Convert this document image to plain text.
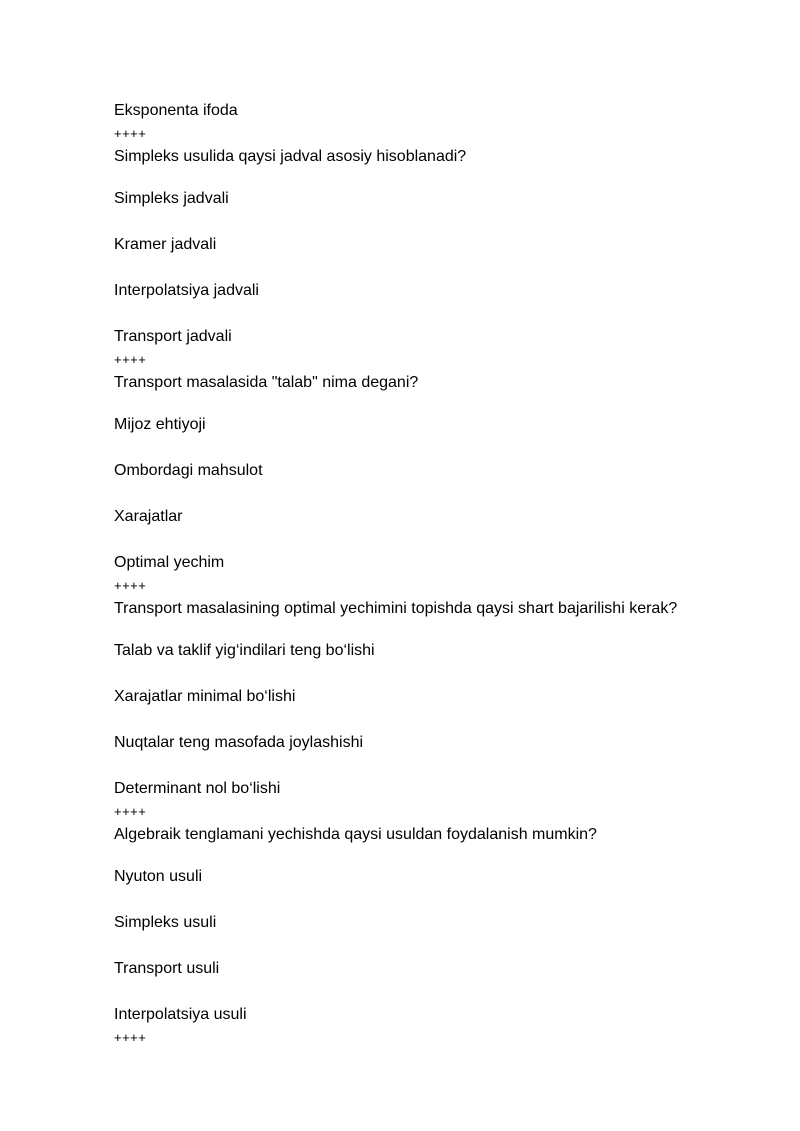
Eksponenta ifoda
++++
Simpleks usulida qaysi jadval asosiy hisoblanadi?
Simpleks jadvali
Kramer jadvali
Interpolatsiya jadvali
Transport jadvali
++++
Transport masalasida "talab" nima degani?
Mijoz ehtiyoji
Ombordagi mahsulot
Xarajatlar
Optimal yechim
++++
Transport masalasining optimal yechimini topishda qaysi shart bajarilishi kerak?
Talab va taklif yig‘indilari teng bo‘lishi
Xarajatlar minimal bo‘lishi
Nuqtalar teng masofada joylashishi
Determinant nol bo‘lishi
++++
Algebraik tenglamani yechishda qaysi usuldan foydalanish mumkin?
Nyuton usuli
Simpleks usuli
Transport usuli
Interpolatsiya usuli
++++
